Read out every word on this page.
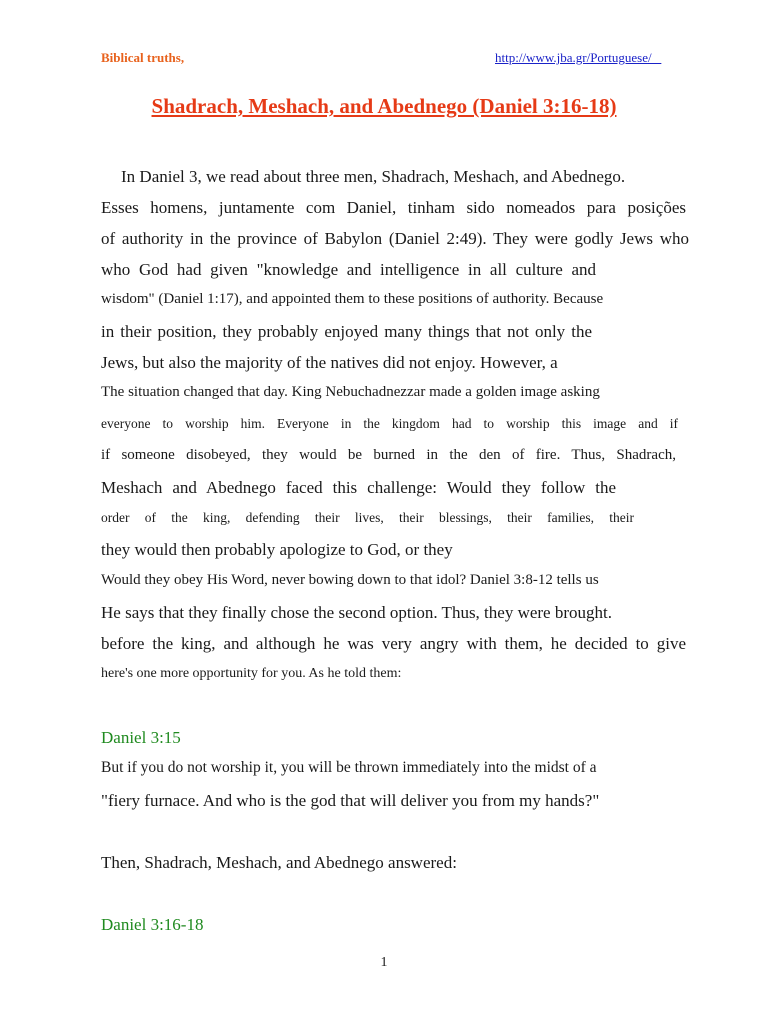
Biblical truths,	http://www.jba.gr/Portuguese/
Shadrach, Meshach, and Abednego (Daniel 3:16-18)
In Daniel 3, we read about three men, Shadrach, Meshach, and Abednego.
Esses homens, juntamente com Daniel, tinham sido nomeados para posições
of authority in the province of Babylon (Daniel 2:49). They were godly Jews who
who God had given "knowledge and intelligence in all culture and
wisdom" (Daniel 1:17), and appointed them to these positions of authority. Because
in their position, they probably enjoyed many things that not only the
Jews, but also the majority of the natives did not enjoy. However, a
The situation changed that day. King Nebuchadnezzar made a golden image asking
everyone to worship him. Everyone in the kingdom had to worship this image and if
if someone disobeyed, they would be burned in the den of fire. Thus, Shadrach,
Meshach and Abednego faced this challenge: Would they follow the
order of the king, defending their lives, their blessings, their families, their
they would then probably apologize to God, or they
Would they obey His Word, never bowing down to that idol? Daniel 3:8-12 tells us
He says that they finally chose the second option. Thus, they were brought.
before the king, and although he was very angry with them, he decided to give
here's one more opportunity for you. As he told them:
Daniel 3:15
But if you do not worship it, you will be thrown immediately into the midst of a
"fiery furnace. And who is the god that will deliver you from my hands?"
Then, Shadrach, Meshach, and Abednego answered:
Daniel 3:16-18
1
